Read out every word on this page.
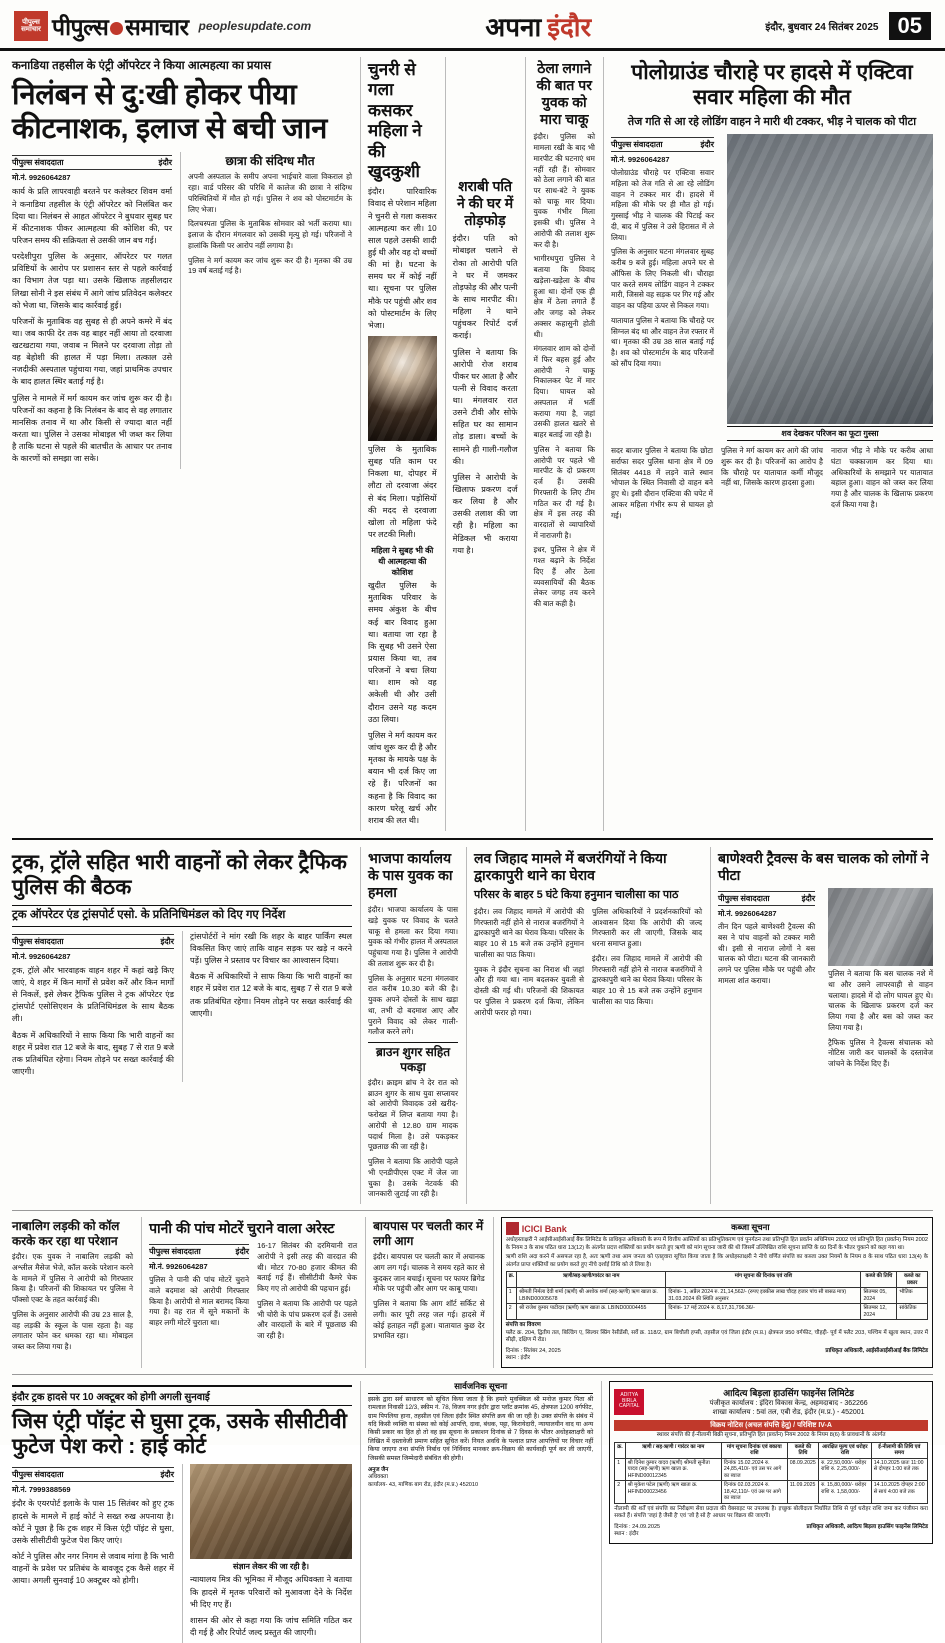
पीपुल्स समाचार पीपुल्स समाचार peoplesupdate.com	अपना इंदौर	इंदौर, बुधवार 24 सितंबर 2025 05
कनाडिया तहसील के एंट्री ऑपरेटर ने किया आत्महत्या का प्रयास
निलंबन से दु:खी होकर पीया कीटनाशक, इलाज से बची जान
पीपुल्स संवाददाता	इंदौर
मो.नं. 9926064287

कार्य के प्रति लापरवाही बरतने पर कलेक्टर शिवम वर्मा ने कनाडिया तहसील के एंट्री ऑपरेटर को निलंबित कर दिया था। निलंबन से आहत ऑपरेटर ने बुधवार सुबह घर में कीटनाशक पीकर आत्महत्या की कोशिश की, पर परिजन समय की सक्रियता से उसकी जान बच गई।

परदेशीपुरा पुलिस के अनुसार, ऑपरेटर पर गलत प्रविष्टियों के आरोप पर प्रशासन स्तर से पहले कार्रवाई का विभाग तेज पड़ा था। उसके खिलाफ तहसीलदार लिखा सोनी ने इस संबंध में आगे जांच प्रतिवेदन कलेक्टर को भेजा था, जिसके बाद कार्रवाई हुई।

परिजनों के मुताबिक वह सुबह से ही अपने कमरे में बंद था। जब काफी देर तक वह बाहर नहीं आया तो दरवाजा खटखटाया गया, जवाब न मिलने पर दरवाजा तोड़ा तो वह बेहोशी की हालत में पड़ा मिला। तत्काल उसे नजदीकी अस्पताल पहुंचाया गया, जहां प्राथमिक उपचार के बाद हालत स्थिर बताई गई है।

पुलिस ने मामले में मर्ग कायम कर जांच शुरू कर दी है। परिजनों का कहना है कि निलंबन के बाद से वह लगातार मानसिक तनाव में था और किसी से ज्यादा बात नहीं करता था। पुलिस ने उसका मोबाइल भी जब्त कर लिया है ताकि घटना से पहले की बातचीत के आधार पर तनाव के कारणों को समझा जा सके।

छात्रा की संदिग्ध मौत

अपनी अस्पताल के समीप अपना भाईचारे वाला विकराल हो रहा। वार्ड परिसर की परिधि में कालेज की छात्रा ने संदिग्ध परिस्थितियों में मौत हो गई। पुलिस ने शव को पोस्टमार्टम के लिए भेजा।

दिलचस्पता पुलिस के मुताबिक सोमवार को भर्ती कराया था। इलाज के दौरान मंगलवार को उसकी मृत्यु हो गई। परिजनों ने हालांकि किसी पर आरोप नहीं लगाया है।

पुलिस ने मर्ग कायम कर जांच शुरू कर दी है। मृतका की उम्र 19 वर्ष बताई गई है।

चुनरी से गला कसकर महिला ने की खुदकुशी

इंदौर। पारिवारिक विवाद से परेशान महिला ने चुनरी से गला कसकर आत्महत्या कर ली। 10 साल पहले उसकी शादी हुई थी और वह दो बच्चों की मां है। घटना के समय घर में कोई नहीं था। सूचना पर पुलिस मौके पर पहुंची और शव को पोस्टमार्टम के लिए भेजा।

पुलिस के मुताबिक सुबह पति काम पर निकला था, दोपहर में लौटा तो दरवाजा अंदर से बंद मिला। पड़ोसियों की मदद से दरवाजा खोला तो महिला फंदे पर लटकी मिली।

महिला ने सुबह भी की थी आत्महत्या की कोशिश

खुदीत पुलिस के मुताबिक परिवार के समय अंकुश के बीच कई बार विवाद हुआ था। बताया जा रहा है कि सुबह भी उसने ऐसा प्रयास किया था, तब परिजनों ने बचा लिया था। शाम को वह अकेली थी और उसी दौरान उसने यह कदम उठा लिया।

पुलिस ने मर्ग कायम कर जांच शुरू कर दी है और मृतका के मायके पक्ष के बयान भी दर्ज किए जा रहे हैं। परिजनों का कहना है कि विवाद का कारण घरेलू खर्च और शराब की लत थी।

शराबी पति ने की घर में तोड़फोड़

इंदौर। पति को मोबाइल चलाने से रोका तो आरोपी पति ने घर में जमकर तोड़फोड़ की और पत्नी के साथ मारपीट की। महिला ने थाने पहुंचकर रिपोर्ट दर्ज कराई।

पुलिस ने बताया कि आरोपी रोज शराब पीकर घर आता है और पत्नी से विवाद करता था। मंगलवार रात उसने टीवी और सोफे सहित घर का सामान तोड़ डाला। बच्चों के सामने ही गाली-गलौज की।

पुलिस ने आरोपी के खिलाफ प्रकरण दर्ज कर लिया है और उसकी तलाश की जा रही है। महिला का मेडिकल भी कराया गया है।

ठेला लगाने की बात पर युवक को मारा चाकू

इंदौर। पुलिस को मामला रखी के बाद भी मारपीट की घटनाएं थम नहीं रही हैं। सोमवार को ठेला लगाने की बात पर साथ-बंटे ने युवक को चाकू मार दिया। युवक गंभीर मिला इसकी थी। पुलिस ने आरोपी की तलाश शुरू कर दी है।

भागीरथपुरा पुलिस ने बताया कि विवाद खड़ेला-खड़ेला के बीच हुआ था। दोनों एक ही क्षेत्र में ठेला लगाते हैं और जगह को लेकर अक्सर कहासुनी होती थी।

मंगलवार शाम को दोनों में फिर बहस हुई और आरोपी ने चाकू निकालकर पेट में मार दिया। घायल को अस्पताल में भर्ती कराया गया है, जहां उसकी हालत खतरे से बाहर बताई जा रही है।

पुलिस ने बताया कि आरोपी पर पहले भी मारपीट के दो प्रकरण दर्ज हैं। उसकी गिरफ्तारी के लिए टीम गठित कर दी गई है। क्षेत्र में इस तरह की वारदातों से व्यापारियों में नाराजगी है।

इधर, पुलिस ने क्षेत्र में गश्त बढ़ाने के निर्देश दिए हैं और ठेला व्यवसायियों की बैठक लेकर जगह तय करने की बात कही है।

पोलोग्राउंड चौराहे पर हादसे में एक्टिवा सवार महिला की मौत
तेज गति से आ रहे लोडिंग वाहन ने मारी थी टक्कर, भीड़ ने चालक को पीटा
पीपुल्स संवाददाता	इंदौर
मो.नं. 9926064287

पोलोग्राउंड चौराहे पर एक्टिवा सवार महिला को तेज गति से आ रहे लोडिंग वाहन ने टक्कर मार दी। हादसे में महिला की मौके पर ही मौत हो गई। गुस्साई भीड़ ने चालक की पिटाई कर दी, बाद में पुलिस ने उसे हिरासत में ले लिया।

पुलिस के अनुसार घटना मंगलवार सुबह करीब 9 बजे हुई। महिला अपने घर से ऑफिस के लिए निकली थी। चौराहा पार करते समय लोडिंग वाहन ने टक्कर मारी, जिससे वह सड़क पर गिर गई और वाहन का पहिया ऊपर से निकल गया।

यातायात पुलिस ने बताया कि चौराहे पर सिग्नल बंद था और वाहन तेज रफ्तार में था। मृतका की उम्र 38 साल बताई गई है। शव को पोस्टमार्टम के बाद परिजनों को सौंप दिया गया।

शव देखकर परिजन का फूटा गुस्सा

सदर बाजार पुलिस ने बताया कि छोटा सर्राफा सदर पुलिस थाना क्षेत्र में 09 सितंबर 4418 में लड़ने वाले स्थान भोपाल के स्थित निवासी दो वाहन बने हुए थे। इसी दौरान एक्टिवा की चपेट में आकर महिला गंभीर रूप से घायल हो गई।

पुलिस ने मर्ग कायम कर आगे की जांच शुरू कर दी है। परिजनों का आरोप है कि चौराहे पर यातायात कर्मी मौजूद नहीं था, जिसके कारण हादसा हुआ।

नाराज भीड़ ने मौके पर करीब आधा घंटा चक्काजाम कर दिया था। अधिकारियों के समझाने पर यातायात बहाल हुआ। वाहन को जब्त कर लिया गया है और चालक के खिलाफ प्रकरण दर्ज किया गया है।

ट्रक, ट्रॉले सहित भारी वाहनों को लेकर ट्रैफिक पुलिस की बैठक
ट्रक ऑपरेटर एंड ट्रांसपोर्ट एसो. के प्रतिनिधिमंडल को दिए गए निर्देश
पीपुल्स संवाददाता	इंदौर
मो.नं. 9926064287

ट्रक, ट्रॉले और भारवाहक वाहन शहर में कहां खड़े किए जाएं, ये शहर में किन मार्गों से प्रवेश करें और किन मार्गों से निकलें, इसे लेकर ट्रैफिक पुलिस ने ट्रक ऑपरेटर एंड ट्रांसपोर्ट एसोसिएशन के प्रतिनिधिमंडल के साथ बैठक ली।

बैठक में अधिकारियों ने साफ किया कि भारी वाहनों का शहर में प्रवेश रात 12 बजे के बाद, सुबह 7 से रात 9 बजे तक प्रतिबंधित रहेगा। नियम तोड़ने पर सख्त कार्रवाई की जाएगी।

ट्रांसपोर्टरों ने मांग रखी कि शहर के बाहर पार्किंग स्थल विकसित किए जाएं ताकि वाहन सड़क पर खड़े न करने पड़ें। पुलिस ने प्रस्ताव पर विचार का आश्वासन दिया।

बैठक में अधिकारियों ने साफ किया कि भारी वाहनों का शहर में प्रवेश रात 12 बजे के बाद, सुबह 7 से रात 9 बजे तक प्रतिबंधित रहेगा। नियम तोड़ने पर सख्त कार्रवाई की जाएगी।

भाजपा कार्यालय के पास युवक का हमला

इंदौर। भाजपा कार्यालय के पास खड़े युवक पर विवाद के चलते चाकू से हमला कर दिया गया। युवक को गंभीर हालत में अस्पताल पहुंचाया गया है। पुलिस ने आरोपी की तलाश शुरू कर दी है।

पुलिस के अनुसार घटना मंगलवार रात करीब 10.30 बजे की है। युवक अपने दोस्तों के साथ खड़ा था, तभी दो बदमाश आए और पुराने विवाद को लेकर गाली-गलौज करने लगे।

ब्राउन शुगर सहित पकड़ा

इंदौर। क्राइम ब्रांच ने देर रात को ब्राउन शुगर के साथ युवा सप्लायर को आरोपी विवादक उसे खरीद-फरोख्त में लिप्त बताया गया है। आरोपी से 12.80 ग्राम मादक पदार्थ मिला है। उसे पकड़कर पूछताछ की जा रही है।

पुलिस ने बताया कि आरोपी पहले भी एनडीपीएस एक्ट में जेल जा चुका है। उसके नेटवर्क की जानकारी जुटाई जा रही है।

लव जिहाद मामले में बजरंगियों ने किया द्वारकापुरी थाने का घेराव
परिसर के बाहर 5 घंटे किया हनुमान चालीसा का पाठ

इंदौर। लव जिहाद मामले में आरोपी की गिरफ्तारी नहीं होने से नाराज बजरंगियों ने द्वारकापुरी थाने का घेराव किया। परिसर के बाहर 10 से 15 बजे तक उन्होंने हनुमान चालीसा का पाठ किया।

युवक ने इंदौर सूचना का निराश थी जहां और ही गया था। नाम बदलकर युवती से दोस्ती की गई थी। परिजनों की शिकायत पर पुलिस ने प्रकरण दर्ज किया, लेकिन आरोपी फरार हो गया।

पुलिस अधिकारियों ने प्रदर्शनकारियों को आश्वासन दिया कि आरोपी की जल्द गिरफ्तारी कर ली जाएगी, जिसके बाद धरना समाप्त हुआ।

इंदौर। लव जिहाद मामले में आरोपी की गिरफ्तारी नहीं होने से नाराज बजरंगियों ने द्वारकापुरी थाने का घेराव किया। परिसर के बाहर 10 से 15 बजे तक उन्होंने हनुमान चालीसा का पाठ किया।

बाणेश्वरी ट्रैवल्स के बस चालक को लोगों ने पीटा
पीपुल्स संवाददाता	इंदौर
मो.नं. 9926064287

तीन दिन पहले बाणेश्वरी ट्रैवल्स की बस ने पांच वाहनों को टक्कर मारी थी। इसी से नाराज लोगों ने बस चालक को पीटा। घटना की जानकारी लगने पर पुलिस मौके पर पहुंची और मामला शांत कराया।

पुलिस ने बताया कि बस चालक नशे में था और उसने लापरवाही से वाहन चलाया। हादसे में दो लोग घायल हुए थे। चालक के खिलाफ प्रकरण दर्ज कर लिया गया है और बस को जब्त कर लिया गया है।

ट्रैफिक पुलिस ने ट्रैवल्स संचालक को नोटिस जारी कर चालकों के दस्तावेज जांचने के निर्देश दिए हैं।

नाबालिग लड़की को कॉल करके कर रहा था परेशान

इंदौर। एक युवक ने नाबालिग लड़की को अश्लील मैसेज भेजे, कॉल करके परेशान करने के मामले में पुलिस ने आरोपी को गिरफ्तार किया है। परिजनों की शिकायत पर पुलिस ने पॉक्सो एक्ट के तहत कार्रवाई की।

पुलिस के अनुसार आरोपी की उम्र 23 साल है, वह लड़की के स्कूल के पास रहता है। वह लगातार फोन कर धमका रहा था। मोबाइल जब्त कर लिया गया है।

पानी की पांच मोटरें चुराने वाला अरेस्ट
पीपुल्स संवाददाता	इंदौर
मो.नं. 9926064287

पुलिस ने पानी की पांच मोटरें चुराने वाले बदमाश को आरोपी गिरफ्तार किया है। आरोपी से माल बरामद किया गया है। वह रात में सूने मकानों के बाहर लगी मोटरें चुराता था।

16-17 सितंबर की दरमियानी रात आरोपी ने इसी तरह की वारदात की थी। मोटर 70-80 हजार कीमत की बताई गई हैं। सीसीटीवी कैमरे चेक किए गए तो आरोपी की पहचान हुई।

पुलिस ने बताया कि आरोपी पर पहले भी चोरी के पांच प्रकरण दर्ज हैं। उससे और वारदातों के बारे में पूछताछ की जा रही है।

बायपास पर चलती कार में लगी आग

इंदौर। बायपास पर चलती कार में अचानक आग लग गई। चालक ने समय रहते कार से कूदकर जान बचाई। सूचना पर फायर ब्रिगेड मौके पर पहुंची और आग पर काबू पाया।

पुलिस ने बताया कि आग शॉर्ट सर्किट से लगी। कार पूरी तरह जल गई। हादसे में कोई हताहत नहीं हुआ। यातायात कुछ देर प्रभावित रहा।

ICICI Bank	कब्जा सूचना
अधोहस्ताक्षरी ने आईसीआईसीआई बैंक लिमिटेड के प्राधिकृत अधिकारी के रूप में वित्तीय आस्तियों का प्रतिभूतिकरण एवं पुनर्गठन तथा प्रतिभूति हित प्रवर्तन अधिनियम 2002 एवं प्रतिभूति हित (प्रवर्तन) नियम 2002 के नियम 3 के साथ पठित धारा 13(12) के अंतर्गत प्रदत्त शक्तियों का प्रयोग करते हुए ऋणी को मांग सूचना जारी की थी जिसमें उल्लिखित राशि सूचना प्राप्ति के 60 दिनों के भीतर चुकाने को कहा गया था।
ऋणी राशि अदा करने में असफल रहा है, अतः ऋणी तथा आम जनता को एतद्द्वारा सूचित किया जाता है कि अधोहस्ताक्षरी ने नीचे वर्णित संपत्ति का कब्जा उक्त नियमों के नियम 8 के साथ पठित धारा 13(4) के अंतर्गत प्राप्त शक्तियों का प्रयोग करते हुए नीचे दर्शाई तिथि को ले लिया है।
क्र.	ऋणी/सह-ऋणी/गारंटर का नाम	मांग सूचना की दिनांक एवं राशि	कब्जे की तिथि	कब्जे का प्रकार
1	श्रीमती निर्मला देवी शर्मा (ऋणी) श्री अशोक शर्मा (सह-ऋणी) ऋण खाता क्र. LBIND00005678	दिनांक- 1, अप्रैल 2024 रु. 21,14,562/- (रुपए इक्कीस लाख चौदह हजार पांच सौ बासठ मात्र) 31.03.2024 की स्थिति अनुसार	सितम्बर 05, 2024	भौतिक
2	श्री राजेश कुमार पाटीदार (ऋणी) ऋण खाता क्र. LBIND00004455	दिनांक- 17 मई 2024 रु. 8,17,31,796.36/-	सितम्बर 12, 2024	सांकेतिक
संपत्ति का विवरण
फ्लैट क्र. 204, द्वितीय तल, बिल्डिंग ए, सिल्वर स्प्रिंग रेसीडेंसी, सर्वे क्र. 118/2, ग्राम बिचौली हप्सी, तहसील एवं जिला इंदौर (म.प्र.) क्षेत्रफल 950 वर्गफीट, चौहद्दी- पूर्व में फ्लैट 203, पश्चिम में खुला स्थान, उत्तर में सीढ़ी, दक्षिण में रोड।
दिनांक : सितंबर 24, 2025	प्राधिकृत अधिकारी, आईसीआईसीआई बैंक लिमिटेड
स्थान : इंदौर
इंदौर ट्रक हादसे पर 10 अक्टूबर को होगी अगली सुनवाई
जिस एंट्री पॉइंट से घुसा ट्रक, उसके सीसीटीवी फुटेज पेश करो : हाई कोर्ट
पीपुल्स संवाददाता	इंदौर
मो.नं. 7999388569

इंदौर के एयरपोर्ट इलाके के पास 15 सितंबर को हुए ट्रक हादसे के मामले में हाई कोर्ट ने सख्त रुख अपनाया है। कोर्ट ने पूछा है कि ट्रक शहर में किस एंट्री पॉइंट से घुसा, उसके सीसीटीवी फुटेज पेश किए जाएं।

कोर्ट ने पुलिस और नगर निगम से जवाब मांगा है कि भारी वाहनों के प्रवेश पर प्रतिबंध के बावजूद ट्रक कैसे शहर में आया। अगली सुनवाई 10 अक्टूबर को होगी।

संज्ञान लेकर की जा रही है।

न्यायालय मित्र की भूमिका में मौजूद अधिवक्ता ने बताया कि हादसे में मृतक परिवारों को मुआवजा देने के निर्देश भी दिए गए हैं।

शासन की ओर से कहा गया कि जांच समिति गठित कर दी गई है और रिपोर्ट जल्द प्रस्तुत की जाएगी।

सार्वजनिक सूचना
इसके द्वारा सर्व साधारण को सूचित किया जाता है कि हमारे मुवक्किल श्री मनोज कुमार पिता श्री रामलाल निवासी 12/3, स्कीम नं. 78, विजय नगर इंदौर द्वारा प्लॉट क्रमांक 45, क्षेत्रफल 1200 वर्गफीट, ग्राम पिपलिया हाना, तहसील एवं जिला इंदौर स्थित संपत्ति क्रय की जा रही है। उक्त संपत्ति के संबंध में यदि किसी व्यक्ति या संस्था को कोई आपत्ति, दावा, बंधक, पट्टा, किरायेदारी, न्यायालयीन वाद या अन्य किसी प्रकार का हित हो तो वह इस सूचना के प्रकाशन दिनांक से 7 दिवस के भीतर अधोहस्ताक्षरी को लिखित में दस्तावेजी प्रमाण सहित सूचित करें। नियत अवधि के पश्चात प्राप्त आपत्तियों पर विचार नहीं किया जाएगा तथा संपत्ति निर्बाध एवं निर्विवाद मानकर क्रय-विक्रय की कार्यवाही पूर्ण कर ली जाएगी, जिसकी समस्त जिम्मेदारी संबंधित की होगी।
अनुज जैन
अधिवक्ता
कार्यालय- 43, माणिक बाग रोड, इंदौर (म.प्र.) 452010
ADITYA BIRLA CAPITAL
आदित्य बिड़ला हाउसिंग फाइनेंस लिमिटेड
पंजीकृत कार्यालय : इंदिरा विकास केन्द्र, अहमदाबाद - 362266
शाखा कार्यालय : 5वां तल, एबी रोड, इंदौर (म.प्र.) - 452001
विक्रय नोटिस (अचल संपत्ति हेतु) / परिशिष्ट IV-A
स्थावर संपत्ति की ई-नीलामी बिक्री सूचना, प्रतिभूति हित (प्रवर्तन) नियम 2002 के नियम 8(6) के प्रावधानों के अंतर्गत
क्र.	ऋणी / सह-ऋणी / गारंटर का नाम	मांग सूचना दिनांक एवं बकाया राशि	कब्जे की तिथि	आरक्षित मूल्य एवं धरोहर राशि	ई-नीलामी की तिथि एवं समय
1	श्री दिनेश कुमार यादव (ऋणी) श्रीमती सुनीता यादव (सह-ऋणी) ऋण खाता क्र. HFIND00012345	दिनांक 15.02.2024 रु. 24,85,410/- एवं उस पर आगे का ब्याज	08.09.2025	रु. 22,50,000/- धरोहर राशि रु. 2,25,000/-	14.10.2025 प्रातः 11:00 से दोपहर 1:00 बजे तक
2	श्री मुकेश पटेल (ऋणी) ऋण खाता क्र. HFIND00023456	दिनांक 02.03.2024 रु. 18,42,110/- एवं उस पर आगे का ब्याज	11.09.2025	रु. 15,80,000/- धरोहर राशि रु. 1,58,000/-	14.10.2025 दोपहर 2:00 से सायं 4:00 बजे तक
नीलामी की शर्तें एवं संपत्ति का निरीक्षण सेवा प्रदाता की वेबसाइट पर उपलब्ध है। इच्छुक बोलीदाता निर्धारित तिथि से पूर्व धरोहर राशि जमा कर पंजीयन करा सकते हैं। संपत्ति 'जहां है जैसी है' एवं 'जो है सो है' आधार पर विक्रय की जाएगी।
दिनांक : 24.09.2025
स्थान : इंदौर
प्राधिकृत अधिकारी, आदित्य बिड़ला हाउसिंग फाइनेंस लिमिटेड
